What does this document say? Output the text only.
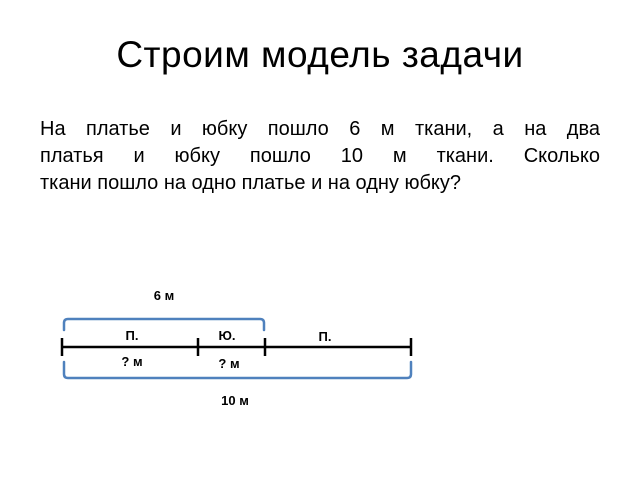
Строим модель задачи
На платье и юбку пошло 6 м ткани, а на два
платья и юбку пошло 10 м ткани. Сколько
ткани пошло на одно платье и на одну юбку?
6 м
П.	Ю.	П.
? м	? м
10 м
